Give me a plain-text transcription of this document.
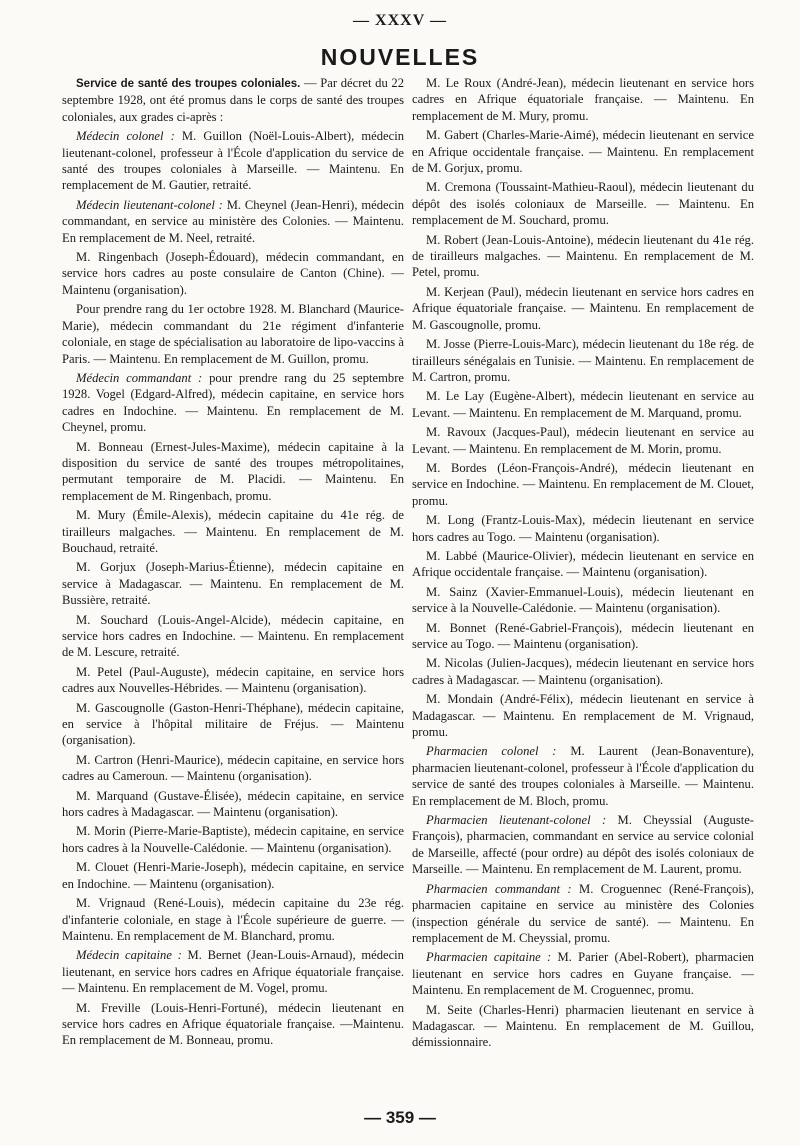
— XXXV —
NOUVELLES

Service de santé des troupes coloniales. — Par décret du 22 septembre 1928, ont été promus dans le corps de santé des troupes coloniales, aux grades ci-après :

Médecin colonel : M. Guillon (Noël-Louis-Albert), médecin lieutenant-colonel, professeur à l'École d'application du service de santé des troupes coloniales à Marseille. — Maintenu. En remplacement de M. Gautier, retraité.

Médecin lieutenant-colonel : M. Cheynel (Jean-Henri), médecin commandant, en service au ministère des Colonies. — Maintenu. En remplacement de M. Neel, retraité.

M. Ringenbach (Joseph-Édouard), médecin commandant, en service hors cadres au poste consulaire de Canton (Chine). — Maintenu (organisation).

Pour prendre rang du 1er octobre 1928. M. Blanchard (Maurice-Marie), médecin commandant du 21e régiment d'infanterie coloniale, en stage de spécialisation au laboratoire de lipo-vaccins à Paris. — Maintenu. En remplacement de M. Guillon, promu.

Médecin commandant : pour prendre rang du 25 septembre 1928. Vogel (Edgard-Alfred), médecin capitaine, en service hors cadres en Indochine. — Maintenu. En remplacement de M. Cheynel, promu.

M. Bonneau (Ernest-Jules-Maxime), médecin capitaine à la disposition du service de santé des troupes métropolitaines, permutant temporaire de M. Placidi. — Maintenu. En remplacement de M. Ringenbach, promu.

M. Mury (Émile-Alexis), médecin capitaine du 41e rég. de tirailleurs malgaches. — Maintenu. En remplacement de M. Bouchaud, retraité.

M. Gorjux (Joseph-Marius-Étienne), médecin capitaine en service à Madagascar. — Maintenu. En remplacement de M. Bussière, retraité.

M. Souchard (Louis-Angel-Alcide), médecin capitaine, en service hors cadres en Indochine. — Maintenu. En remplacement de M. Lescure, retraité.

M. Petel (Paul-Auguste), médecin capitaine, en service hors cadres aux Nouvelles-Hébrides. — Maintenu (organisation).

M. Gascougnolle (Gaston-Henri-Théphane), médecin capitaine, en service à l'hôpital militaire de Fréjus. — Maintenu (organisation).

M. Cartron (Henri-Maurice), médecin capitaine, en service hors cadres au Cameroun. — Maintenu (organisation).

M. Marquand (Gustave-Élisée), médecin capitaine, en service hors cadres à Madagascar. — Maintenu (organisation).

M. Morin (Pierre-Marie-Baptiste), médecin capitaine, en service hors cadres à la Nouvelle-Calédonie. — Maintenu (organisation).

M. Clouet (Henri-Marie-Joseph), médecin capitaine, en service en Indochine. — Maintenu (organisation).

M. Vrignaud (René-Louis), médecin capitaine du 23e rég. d'infanterie coloniale, en stage à l'École supérieure de guerre. — Maintenu. En remplacement de M. Blanchard, promu.

Médecin capitaine : M. Bernet (Jean-Louis-Arnaud), médecin lieutenant, en service hors cadres en Afrique équatoriale française. — Maintenu. En remplacement de M. Vogel, promu.

M. Freville (Louis-Henri-Fortuné), médecin lieutenant en service hors cadres en Afrique équatoriale française. —Maintenu. En remplacement de M. Bonneau, promu.

M. Le Roux (André-Jean), médecin lieutenant en service hors cadres en Afrique équatoriale française. — Maintenu. En remplacement de M. Mury, promu.

M. Gabert (Charles-Marie-Aimé), médecin lieutenant en service en Afrique occidentale française. — Maintenu. En remplacement de M. Gorjux, promu.

M. Cremona (Toussaint-Mathieu-Raoul), médecin lieutenant du dépôt des isolés coloniaux de Marseille. — Maintenu. En remplacement de M. Souchard, promu.

M. Robert (Jean-Louis-Antoine), médecin lieutenant du 41e rég. de tirailleurs malgaches. — Maintenu. En remplacement de M. Petel, promu.

M. Kerjean (Paul), médecin lieutenant en service hors cadres en Afrique équatoriale française. — Maintenu. En remplacement de M. Gascougnolle, promu.

M. Josse (Pierre-Louis-Marc), médecin lieutenant du 18e rég. de tirailleurs sénégalais en Tunisie. — Maintenu. En remplacement de M. Cartron, promu.

M. Le Lay (Eugène-Albert), médecin lieutenant en service au Levant. — Maintenu. En remplacement de M. Marquand, promu.

M. Ravoux (Jacques-Paul), médecin lieutenant en service au Levant. — Maintenu. En remplacement de M. Morin, promu.

M. Bordes (Léon-François-André), médecin lieutenant en service en Indochine. — Maintenu. En remplacement de M. Clouet, promu.

M. Long (Frantz-Louis-Max), médecin lieutenant en service hors cadres au Togo. — Maintenu (organisation).

M. Labbé (Maurice-Olivier), médecin lieutenant en service en Afrique occidentale française. — Maintenu (organisation).

M. Sainz (Xavier-Emmanuel-Louis), médecin lieutenant en service à la Nouvelle-Calédonie. — Maintenu (organisation).

M. Bonnet (René-Gabriel-François), médecin lieutenant en service au Togo. — Maintenu (organisation).

M. Nicolas (Julien-Jacques), médecin lieutenant en service hors cadres à Madagascar. — Maintenu (organisation).

M. Mondain (André-Félix), médecin lieutenant en service à Madagascar. — Maintenu. En remplacement de M. Vrignaud, promu.

Pharmacien colonel : M. Laurent (Jean-Bonaventure), pharmacien lieutenant-colonel, professeur à l'École d'application du service de santé des troupes coloniales à Marseille. — Maintenu. En remplacement de M. Bloch, promu.

Pharmacien lieutenant-colonel : M. Cheyssial (Auguste-François), pharmacien, commandant en service au service colonial de Marseille, affecté (pour ordre) au dépôt des isolés coloniaux de Marseille. — Maintenu. En remplacement de M. Laurent, promu.

Pharmacien commandant : M. Croguennec (René-François), pharmacien capitaine en service au ministère des Colonies (inspection générale du service de santé). — Maintenu. En remplacement de M. Cheyssial, promu.

Pharmacien capitaine : M. Parier (Abel-Robert), pharmacien lieutenant en service hors cadres en Guyane française. — Maintenu. En remplacement de M. Croguennec, promu.

M. Seite (Charles-Henri) pharmacien lieutenant en service à Madagascar. — Maintenu. En remplacement de M. Guillou, démissionnaire.

— 359 —
